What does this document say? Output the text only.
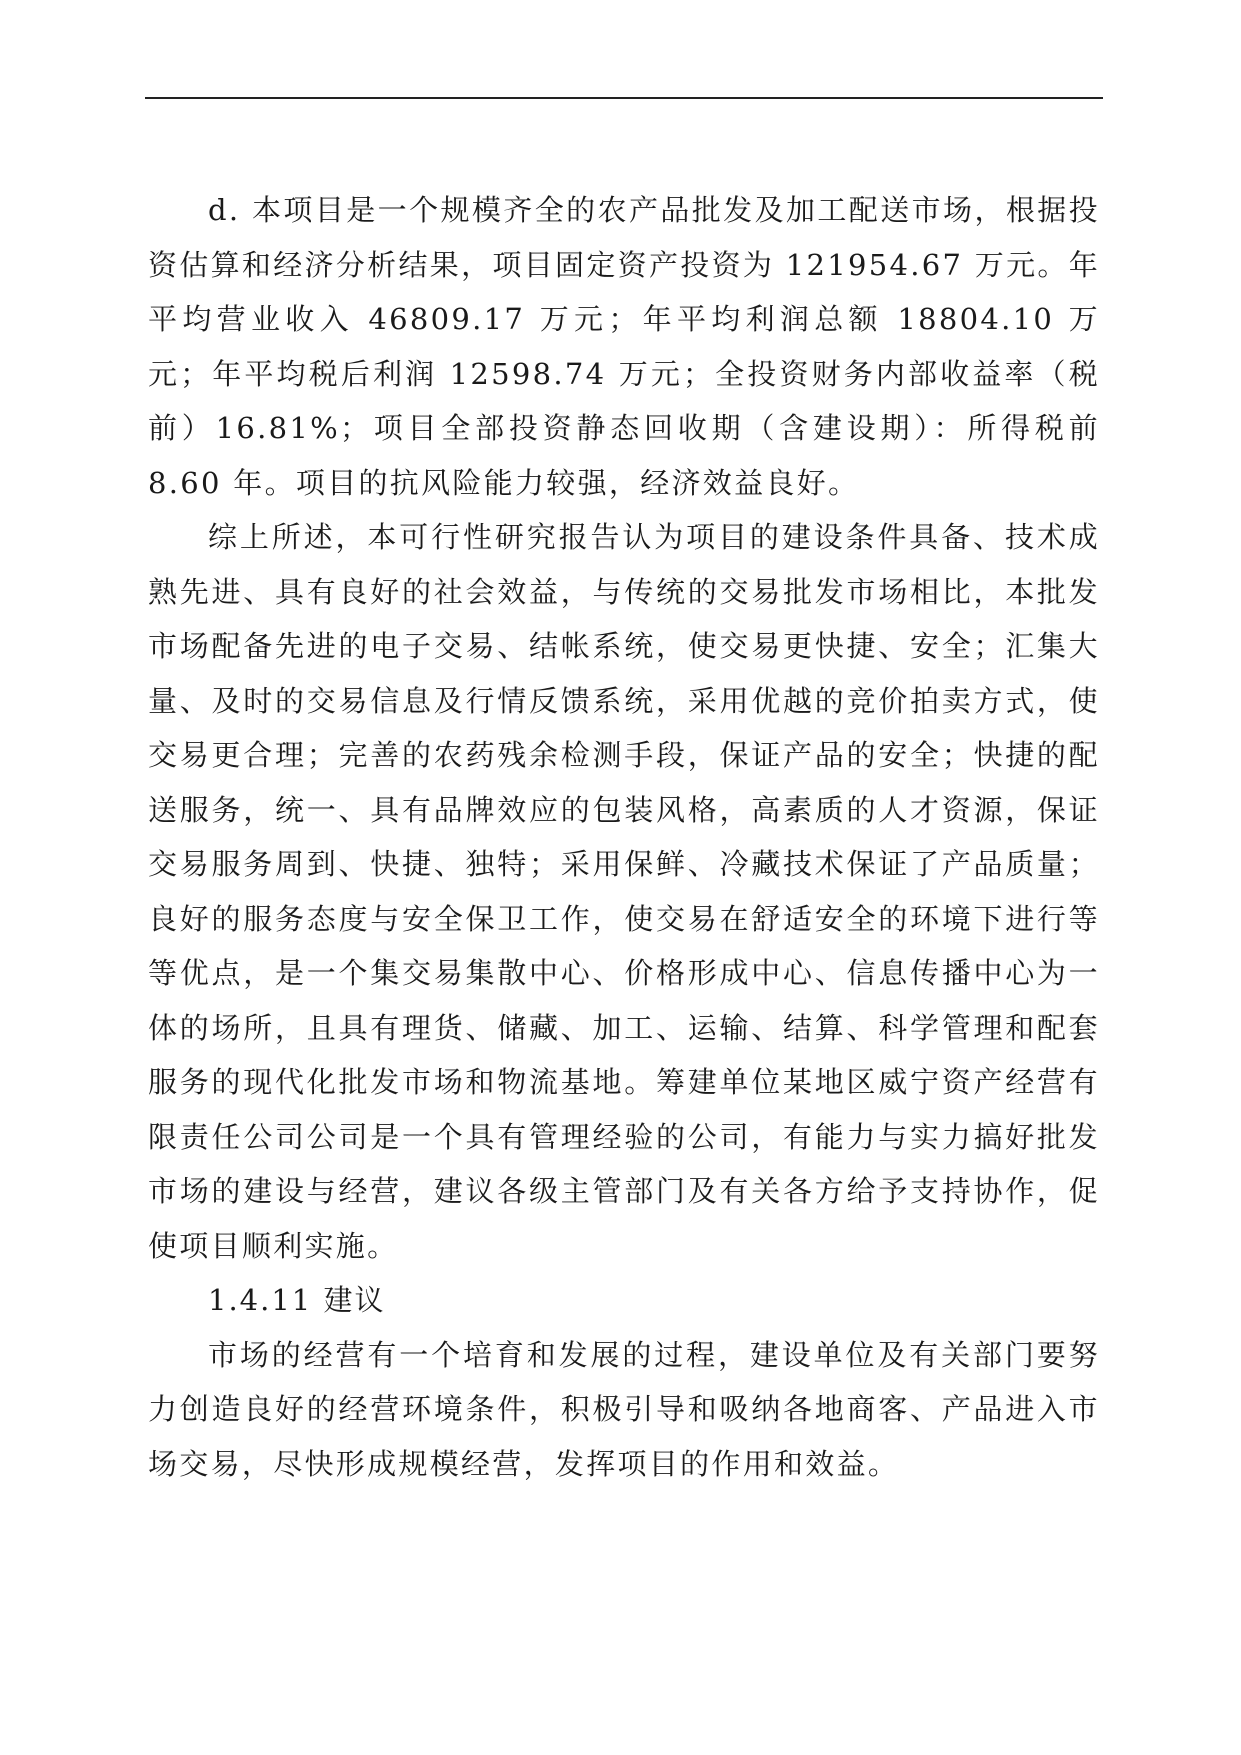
d. 本项目是一个规模齐全的农产品批发及加工配送市场，根据投资估算和经济分析结果，项目固定资产投资为 121954.67 万元。年平均营业收入 46809.17 万元；年平均利润总额 18804.10 万元；年平均税后利润 12598.74 万元；全投资财务内部收益率（税前）16.81%；项目全部投资静态回收期（含建设期）：所得税前 8.60 年。项目的抗风险能力较强，经济效益良好。

综上所述，本可行性研究报告认为项目的建设条件具备、技术成熟先进、具有良好的社会效益，与传统的交易批发市场相比，本批发市场配备先进的电子交易、结帐系统，使交易更快捷、安全；汇集大量、及时的交易信息及行情反馈系统，采用优越的竞价拍卖方式，使交易更合理；完善的农药残余检测手段，保证产品的安全；快捷的配送服务，统一、具有品牌效应的包装风格，高素质的人才资源，保证交易服务周到、快捷、独特；采用保鲜、冷藏技术保证了产品质量；良好的服务态度与安全保卫工作，使交易在舒适安全的环境下进行等等优点，是一个集交易集散中心、价格形成中心、信息传播中心为一体的场所，且具有理货、储藏、加工、运输、结算、科学管理和配套服务的现代化批发市场和物流基地。筹建单位某地区威宁资产经营有限责任公司公司是一个具有管理经验的公司，有能力与实力搞好批发市场的建设与经营，建议各级主管部门及有关各方给予支持协作，促使项目顺利实施。

1.4.11 建议

市场的经营有一个培育和发展的过程，建设单位及有关部门要努力创造良好的经营环境条件，积极引导和吸纳各地商客、产品进入市场交易，尽快形成规模经营，发挥项目的作用和效益。
